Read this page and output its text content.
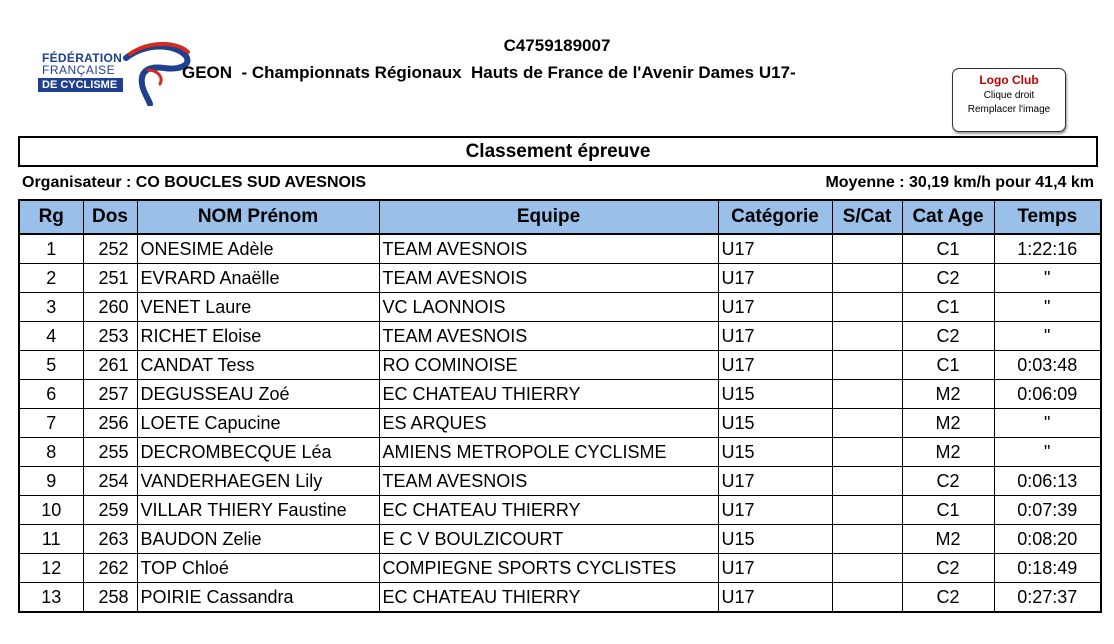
FÉDÉRATION
FRANÇAISE
DE CYCLISME
C4759189007
GEON  - Championnats Régionaux  Hauts de France de l'Avenir Dames U17-	Logo Club
Clique droit
Remplacer l'image
Classement épreuve
Organisateur : CO BOUCLES SUD AVESNOIS	Moyenne : 30,19 km/h pour 41,4 km
Rg	Dos	NOM Prénom	Equipe	Catégorie	S/Cat	Cat Age	Temps
1	252	ONESIME Adèle	TEAM AVESNOIS	U17		C1	1:22:16
2	251	EVRARD Anaëlle	TEAM AVESNOIS	U17		C2	"
3	260	VENET Laure	VC LAONNOIS	U17		C1	"
4	253	RICHET Eloise	TEAM AVESNOIS	U17		C2	"
5	261	CANDAT Tess	RO COMINOISE	U17		C1	0:03:48
6	257	DEGUSSEAU Zoé	EC CHATEAU THIERRY	U15		M2	0:06:09
7	256	LOETE Capucine	ES ARQUES	U15		M2	"
8	255	DECROMBECQUE Léa	AMIENS METROPOLE CYCLISME	U15		M2	"
9	254	VANDERHAEGEN Lily	TEAM AVESNOIS	U17		C2	0:06:13
10	259	VILLAR THIERY Faustine	EC CHATEAU THIERRY	U17		C1	0:07:39
11	263	BAUDON Zelie	E C V BOULZICOURT	U15		M2	0:08:20
12	262	TOP Chloé	COMPIEGNE SPORTS CYCLISTES	U17		C2	0:18:49
13	258	POIRIE Cassandra	EC CHATEAU THIERRY	U17		C2	0:27:37
